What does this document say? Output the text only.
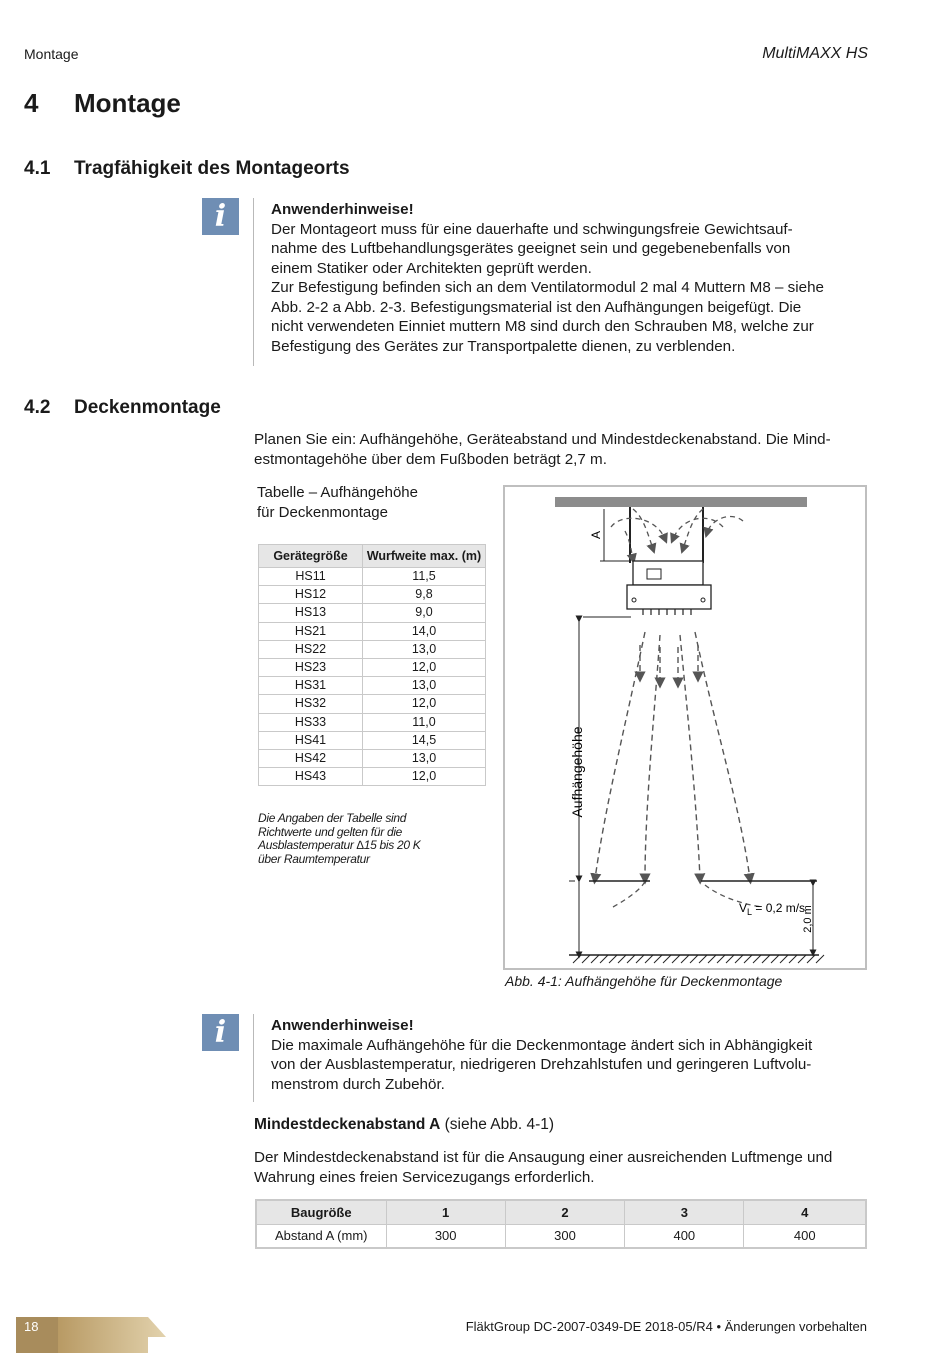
Montage	MultiMAXX HS
4 Montage
4.1 Tragfähigkeit des Montageorts
i	Anwenderhinweise!
Der Montageort muss für eine dauerhafte und schwingungsfreie Gewichtsauf-
nahme des Luftbehandlungsgerätes geeignet sein und gegebenebenfalls von
einem Statiker oder Architekten geprüft werden.
Zur Befestigung befinden sich an dem Ventilatormodul 2 mal 4 Muttern M8 – siehe
Abb. 2-2 a Abb. 2-3. Befestigungsmaterial ist den Aufhängungen beigefügt. Die
nicht verwendeten Einniet muttern M8 sind durch den Schrauben M8, welche zur
Befestigung des Gerätes zur Transportpalette dienen, zu verblenden.
4.2 Deckenmontage
Planen Sie ein: Aufhängehöhe, Geräteabstand und Mindestdeckenabstand. Die Mind-
estmontagehöhe über dem Fußboden beträgt 2,7 m.
Tabelle – Aufhängehöhe
für Deckenmontage
Gerätegröße	Wurfweite max. (m)
HS11	11,5
HS12	9,8
HS13	9,0
HS21	14,0
HS22	13,0
HS23	12,0
HS31	13,0
HS32	12,0
HS33	11,0
HS41	14,5
HS42	13,0
HS43	12,0
Die Angaben der Tabelle sind
Richtwerte und gelten für die
Ausblastemperatur ∆15 bis 20 K
über Raumtemperatur
A
Aufhängehöhe
$V_L = 0,2$ m/s
2,0 m
Abb. 4-1: Aufhängehöhe für Deckenmontage
i	Anwenderhinweise!
Die maximale Aufhängehöhe für die Deckenmontage ändert sich in Abhängigkeit
von der Ausblastemperatur, niedrigeren Drehzahlstufen und geringeren Luftvolu-
menstrom durch Zubehör.
Mindestdeckenabstand A (siehe Abb. 4-1)
Der Mindestdeckenabstand ist für die Ansaugung einer ausreichenden Luftmenge und
Wahrung eines freien Servicezugangs erforderlich.
Baugröße	1	2	3	4
Abstand A (mm)	300	300	400	400
18	FläktGroup DC-2007-0349-DE 2018-05/R4 • Änderungen vorbehalten
